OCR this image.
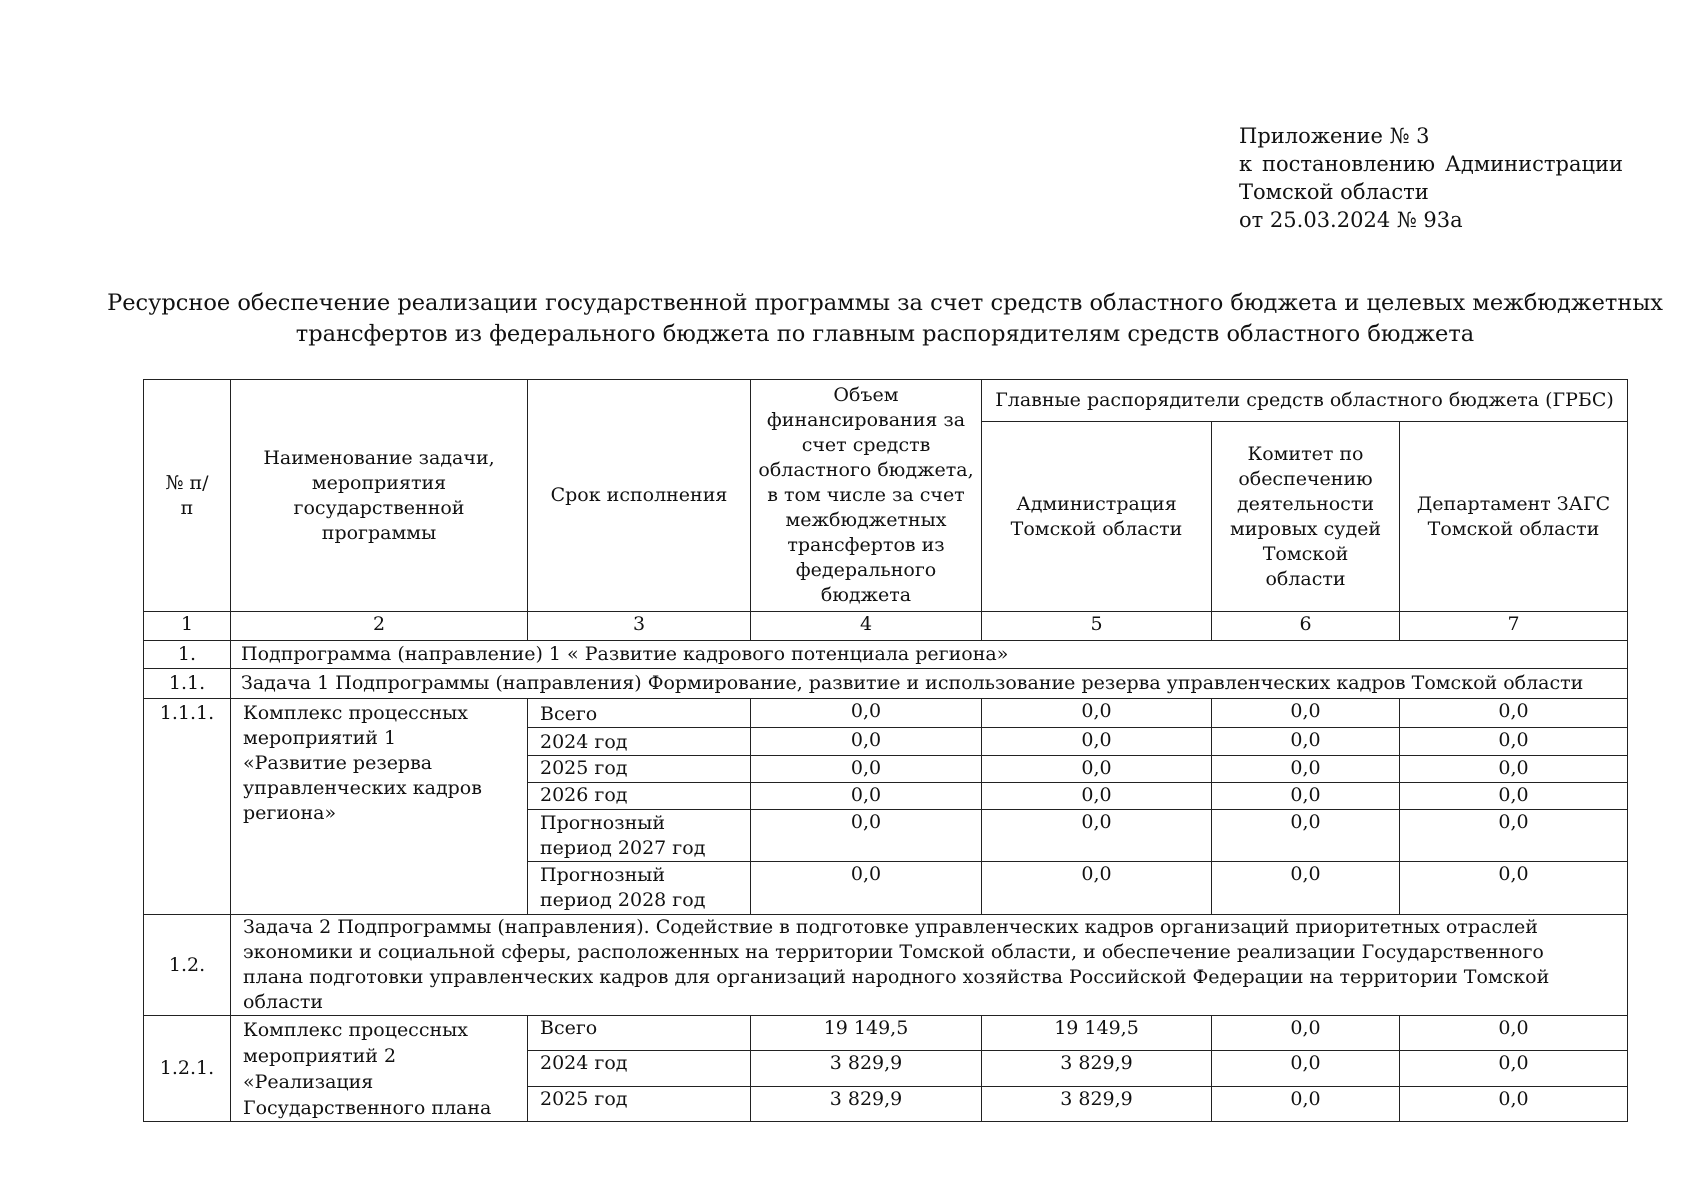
Приложение № 3
к постановлению Администрации
Томской области
от 25.03.2024 № 93а
Ресурсное обеспечение реализации государственной программы за счет средств областного бюджета и целевых межбюджетных
трансфертов из федерального бюджета по главным распорядителям средств областного бюджета
№ п/п	Наименование задачи, мероприятия государственной программы	Срок исполнения	Объем финансирования за счет средств областного бюджета, в том числе за счет межбюджетных трансфертов из федерального бюджета	Главные распорядители средств областного бюджета (ГРБС)		
				Администрация Томской области	Комитет по обеспечению деятельности мировых судей Томской области	Департамент ЗАГС Томской области
1	2	3	4	5	6	7
1.	Подпрограмма (направление) 1 « Развитие кадрового потенциала региона»					
1.1.	Задача 1 Подпрограммы (направления) Формирование, развитие и использование резерва управленческих кадров Томской области					
1.1.1.	Комплекс процессных мероприятий 1 «Развитие резерва управленческих кадров региона»	Всего	0,0	0,0	0,0	0,0
		2024 год	0,0	0,0	0,0	0,0
		2025 год	0,0	0,0	0,0	0,0
		2026 год	0,0	0,0	0,0	0,0
		Прогнозный период 2027 год	0,0	0,0	0,0	0,0
		Прогнозный период 2028 год	0,0	0,0	0,0	0,0
1.2.	Задача 2 Подпрограммы (направления). Содействие в подготовке управленческих кадров организаций приоритетных отраслей экономики и социальной сферы, расположенных на территории Томской области, и обеспечение реализации Государственного плана подготовки управленческих кадров для организаций народного хозяйства Российской Федерации на территории Томской области					
1.2.1.	Комплекс процессных мероприятий 2 «Реализация Государственного плана	Всего	19 149,5	19 149,5	0,0	0,0
		2024 год	3 829,9	3 829,9	0,0	0,0
		2025 год	3 829,9	3 829,9	0,0	0,0
